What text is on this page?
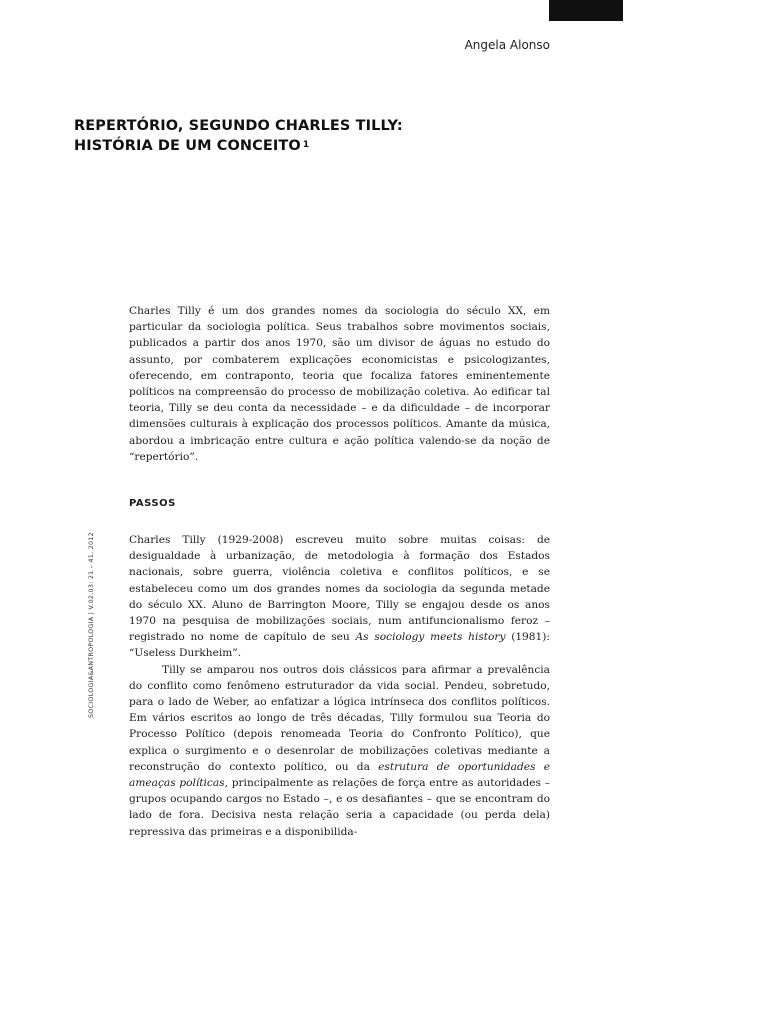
Angela Alonso
REPERTÓRIO, SEGUNDO CHARLES TILLY:
HISTÓRIA DE UM CONCEITO $^1$

Charles Tilly é um dos grandes nomes da sociologia do século XX, em particular da sociologia política. Seus trabalhos sobre movimentos sociais, publicados a partir dos anos 1970, são um divisor de águas no estudo do assunto, por combaterem explicações economicistas e psicologizantes, oferecendo, em contraponto, teoria que focaliza fatores eminentemente políticos na compreensão do processo de mobilização coletiva. Ao edificar tal teoria, Tilly se deu conta da necessidade – e da dificuldade – de incorporar dimensões culturais à explicação dos processos políticos. Amante da música, abordou a imbricação entre cultura e ação política valendo-se da noção de “repertório”.

PASSOS

Charles Tilly (1929-2008) escreveu muito sobre muitas coisas: de desigualdade à urbanização, de metodologia à formação dos Estados nacionais, sobre guerra, violência coletiva e conflitos políticos, e se estabeleceu como um dos grandes nomes da sociologia da segunda metade do século XX. Aluno de Barrington Moore, Tilly se engajou desde os anos 1970 na pesquisa de mobilizações sociais, num antifuncionalismo feroz – registrado no nome de capítulo de seu As sociology meets history (1981): “Useless Durkheim”.

Tilly se amparou nos outros dois clássicos para afirmar a prevalência do conflito como fenômeno estruturador da vida social. Pendeu, sobretudo, para o lado de Weber, ao enfatizar a lógica intrínseca dos conflitos políticos. Em vários escritos ao longo de três décadas, Tilly formulou sua Teoria do Processo Político (depois renomeada Teoria do Confronto Político), que explica o surgimento e o desenrolar de mobilizações coletivas mediante a reconstrução do contexto político, ou da estrutura de oportunidades e ameaças políticas, principalmente as relações de força entre as autoridades – grupos ocupando cargos no Estado –, e os desafiantes – que se encontram do lado de fora. Decisiva nesta relação seria a capacidade (ou perda dela) repressiva das primeiras e a disponibilida-

SOCIOLOGIA&ANTROPOLOGIA | V.02.03: 21 – 41, 2012
